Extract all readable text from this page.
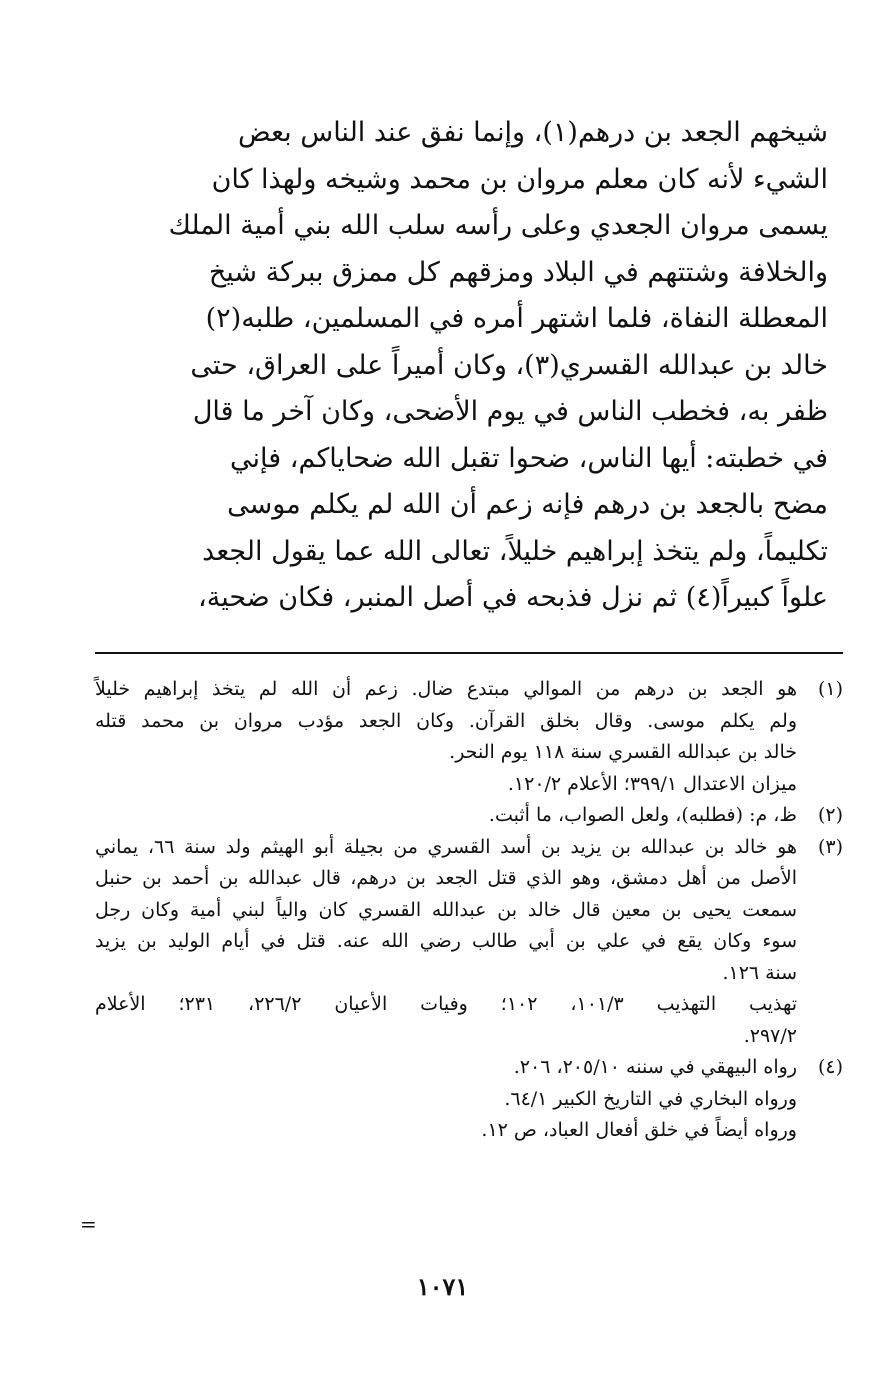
شيخهم الجعد بن درهم(١)، وإنما نفق عند الناس بعض
الشيء لأنه كان معلم مروان بن محمد وشيخه ولهذا كان
يسمى مروان الجعدي وعلى رأسه سلب الله بني أمية الملك
والخلافة وشتتهم في البلاد ومزقهم كل ممزق ببركة شيخ
المعطلة النفاة، فلما اشتهر أمره في المسلمين، طلبه(٢)
خالد بن عبدالله القسري(٣)، وكان أميراً على العراق، حتى
ظفر به، فخطب الناس في يوم الأضحى، وكان آخر ما قال
في خطبته: أيها الناس، ضحوا تقبل الله ضحاياكم، فإني
مضح بالجعد بن درهم فإنه زعم أن الله لم يكلم موسى
تكليماً، ولم يتخذ إبراهيم خليلاً، تعالى الله عما يقول الجعد
علواً كبيراً(٤) ثم نزل فذبحه في أصل المنبر، فكان ضحية،
(١)
هو الجعد بن درهم من الموالي مبتدع ضال. زعم أن الله لم يتخذ إبراهيم خليلاً
ولم يكلم موسى. وقال بخلق القرآن. وكان الجعد مؤدب مروان بن محمد قتله
خالد بن عبدالله القسري سنة ١١٨ يوم النحر.
ميزان الاعتدال ٣٩٩/١؛ الأعلام ١٢٠/٢.
(٢)
ظ، م: (فطلبه)، ولعل الصواب، ما أثبت.
(٣)
هو خالد بن عبدالله بن يزيد بن أسد القسري من بجيلة أبو الهيثم ولد سنة ٦٦، يماني
الأصل من أهل دمشق، وهو الذي قتل الجعد بن درهم، قال عبدالله بن أحمد بن حنبل
سمعت يحيى بن معين قال خالد بن عبدالله القسري كان والياً لبني أمية وكان رجل
سوء وكان يقع في علي بن أبي طالب رضي الله عنه. قتل في أيام الوليد بن يزيد
سنة ١٢٦.
تهذيب التهذيب ١٠١/٣، ١٠٢؛ وفيات الأعيان ٢٢٦/٢، ٢٣١؛ الأعلام
٢٩٧/٢.
(٤)
رواه البيهقي في سننه ٢٠٥/١٠، ٢٠٦.
ورواه البخاري في التاريخ الكبير ٦٤/١.
ورواه أيضاً في خلق أفعال العباد، ص ١٢.
=
١٠٧١
